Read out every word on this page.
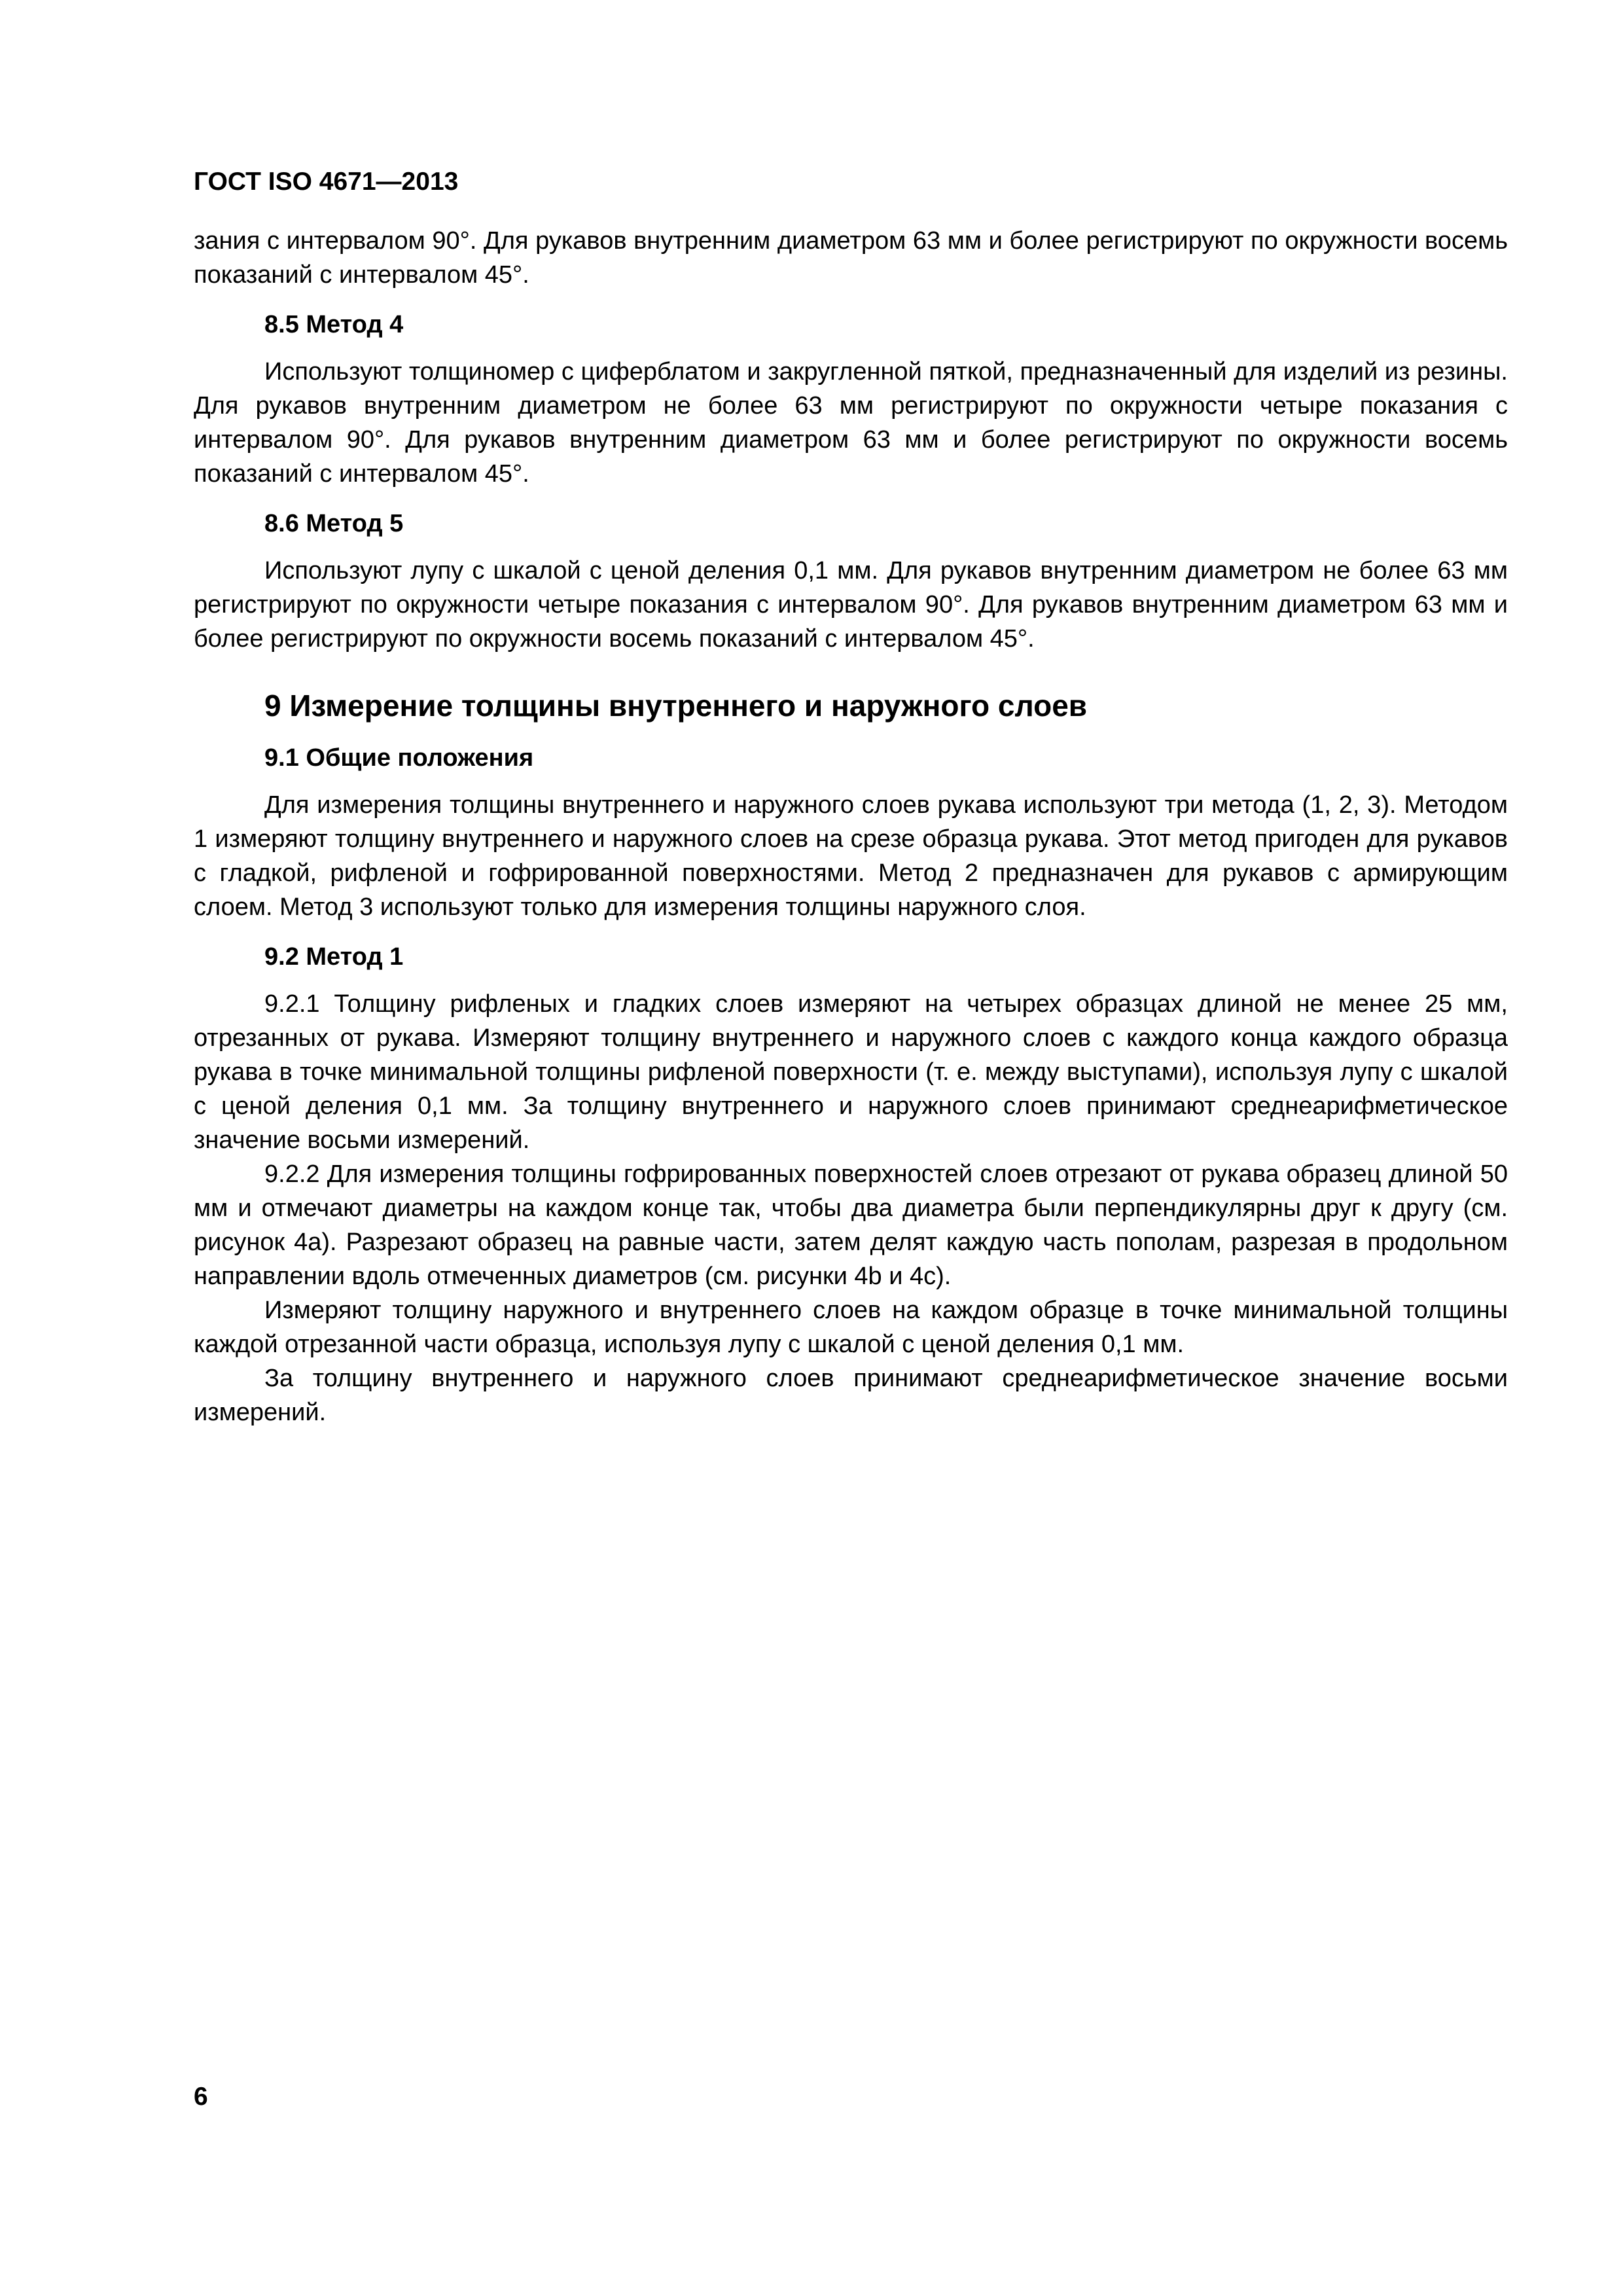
ГОСТ ISO 4671—2013

зания с интервалом 90°. Для рукавов внутренним диаметром 63 мм и более регистрируют по окружности восемь показаний с интервалом 45°.

8.5 Метод 4

Используют толщиномер с циферблатом и закругленной пяткой, предназначенный для изделий из резины. Для рукавов внутренним диаметром не более 63 мм регистрируют по окружности четыре показания с интервалом 90°. Для рукавов внутренним диаметром 63 мм и более регистрируют по окружности восемь показаний с интервалом 45°.

8.6 Метод 5

Используют лупу с шкалой с ценой деления 0,1 мм. Для рукавов внутренним диаметром не более 63 мм регистрируют по окружности четыре показания с интервалом 90°. Для рукавов внутренним диаметром 63 мм и более регистрируют по окружности восемь показаний с интервалом 45°.

9 Измерение толщины внутреннего и наружного слоев
9.1 Общие положения

Для измерения толщины внутреннего и наружного слоев рукава используют три метода (1, 2, 3). Методом 1 измеряют толщину внутреннего и наружного слоев на срезе образца рукава. Этот метод пригоден для рукавов с гладкой, рифленой и гофрированной поверхностями. Метод 2 предназначен для рукавов с армирующим слоем. Метод 3 используют только для измерения толщины наружного слоя.

9.2 Метод 1

9.2.1 Толщину рифленых и гладких слоев измеряют на четырех образцах длиной не менее 25 мм, отрезанных от рукава. Измеряют толщину внутреннего и наружного слоев с каждого конца каждого образца рукава в точке минимальной толщины рифленой поверхности (т. е. между выступами), используя лупу с шкалой с ценой деления 0,1 мм. За толщину внутреннего и наружного слоев принимают среднеарифметическое значение восьми измерений.

9.2.2 Для измерения толщины гофрированных поверхностей слоев отрезают от рукава образец длиной 50 мм и отмечают диаметры на каждом конце так, чтобы два диаметра были перпендикулярны друг к другу (см. рисунок 4a). Разрезают образец на равные части, затем делят каждую часть пополам, разрезая в продольном направлении вдоль отмеченных диаметров (см. рисунки 4b и 4c).

Измеряют толщину наружного и внутреннего слоев на каждом образце в точке минимальной толщины каждой отрезанной части образца, используя лупу с шкалой с ценой деления 0,1 мм.

За толщину внутреннего и наружного слоев принимают среднеарифметическое значение восьми измерений.

6
